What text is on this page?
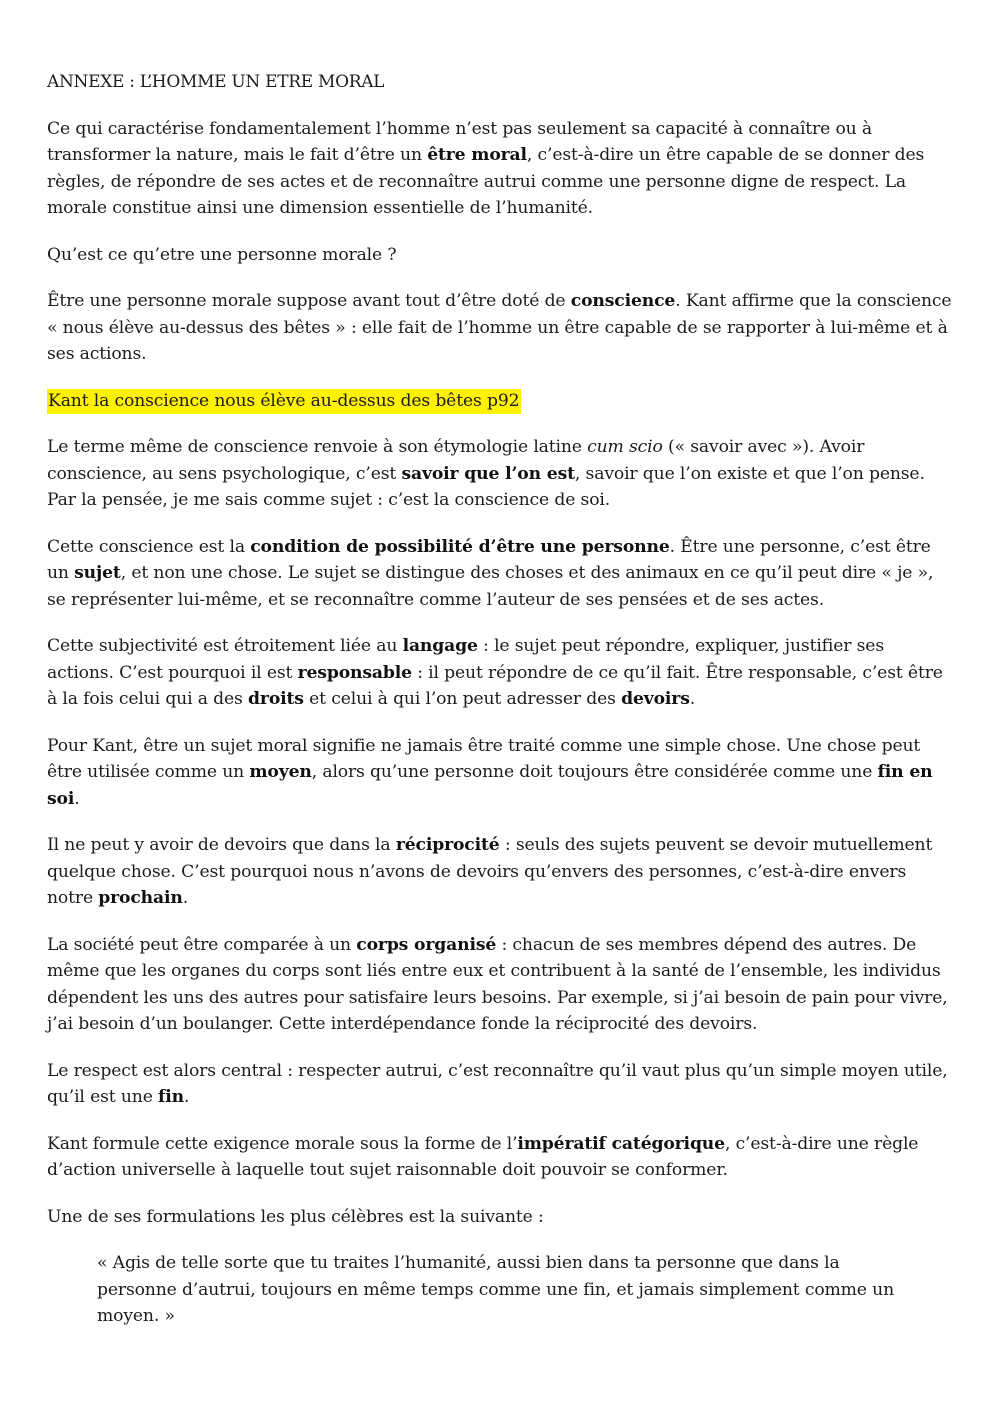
ANNEXE : L’HOMME UN ETRE MORAL

Ce qui caractérise fondamentalement l’homme n’est pas seulement sa capacité à connaître ou à transformer la nature, mais le fait d’être un être moral, c’est-à-dire un être capable de se donner des règles, de répondre de ses actes et de reconnaître autrui comme une personne digne de respect. La morale constitue ainsi une dimension essentielle de l’humanité.

Qu’est ce qu’etre une personne morale ?

Être une personne morale suppose avant tout d’être doté de conscience. Kant affirme que la conscience « nous élève au-dessus des bêtes » : elle fait de l’homme un être capable de se rapporter à lui-même et à ses actions.

Kant la conscience nous élève au-dessus des bêtes p92

Le terme même de conscience renvoie à son étymologie latine cum scio (« savoir avec »). Avoir conscience, au sens psychologique, c’est savoir que l’on est, savoir que l’on existe et que l’on pense. Par la pensée, je me sais comme sujet : c’est la conscience de soi.

Cette conscience est la condition de possibilité d’être une personne. Être une personne, c’est être un sujet, et non une chose. Le sujet se distingue des choses et des animaux en ce qu’il peut dire « je », se représenter lui-même, et se reconnaître comme l’auteur de ses pensées et de ses actes.

Cette subjectivité est étroitement liée au langage : le sujet peut répondre, expliquer, justifier ses actions. C’est pourquoi il est responsable : il peut répondre de ce qu’il fait. Être responsable, c’est être à la fois celui qui a des droits et celui à qui l’on peut adresser des devoirs.

Pour Kant, être un sujet moral signifie ne jamais être traité comme une simple chose. Une chose peut être utilisée comme un moyen, alors qu’une personne doit toujours être considérée comme une fin en soi.

Il ne peut y avoir de devoirs que dans la réciprocité : seuls des sujets peuvent se devoir mutuellement quelque chose. C’est pourquoi nous n’avons de devoirs qu’envers des personnes, c’est-à-dire envers notre prochain.

La société peut être comparée à un corps organisé : chacun de ses membres dépend des autres. De même que les organes du corps sont liés entre eux et contribuent à la santé de l’ensemble, les individus dépendent les uns des autres pour satisfaire leurs besoins. Par exemple, si j’ai besoin de pain pour vivre, j’ai besoin d’un boulanger. Cette interdépendance fonde la réciprocité des devoirs.

Le respect est alors central : respecter autrui, c’est reconnaître qu’il vaut plus qu’un simple moyen utile, qu’il est une fin.

Kant formule cette exigence morale sous la forme de l’impératif catégorique, c’est-à-dire une règle d’action universelle à laquelle tout sujet raisonnable doit pouvoir se conformer.

Une de ses formulations les plus célèbres est la suivante :

« Agis de telle sorte que tu traites l’humanité, aussi bien dans ta personne que dans la personne d’autrui, toujours en même temps comme une fin, et jamais simplement comme un moyen. »
